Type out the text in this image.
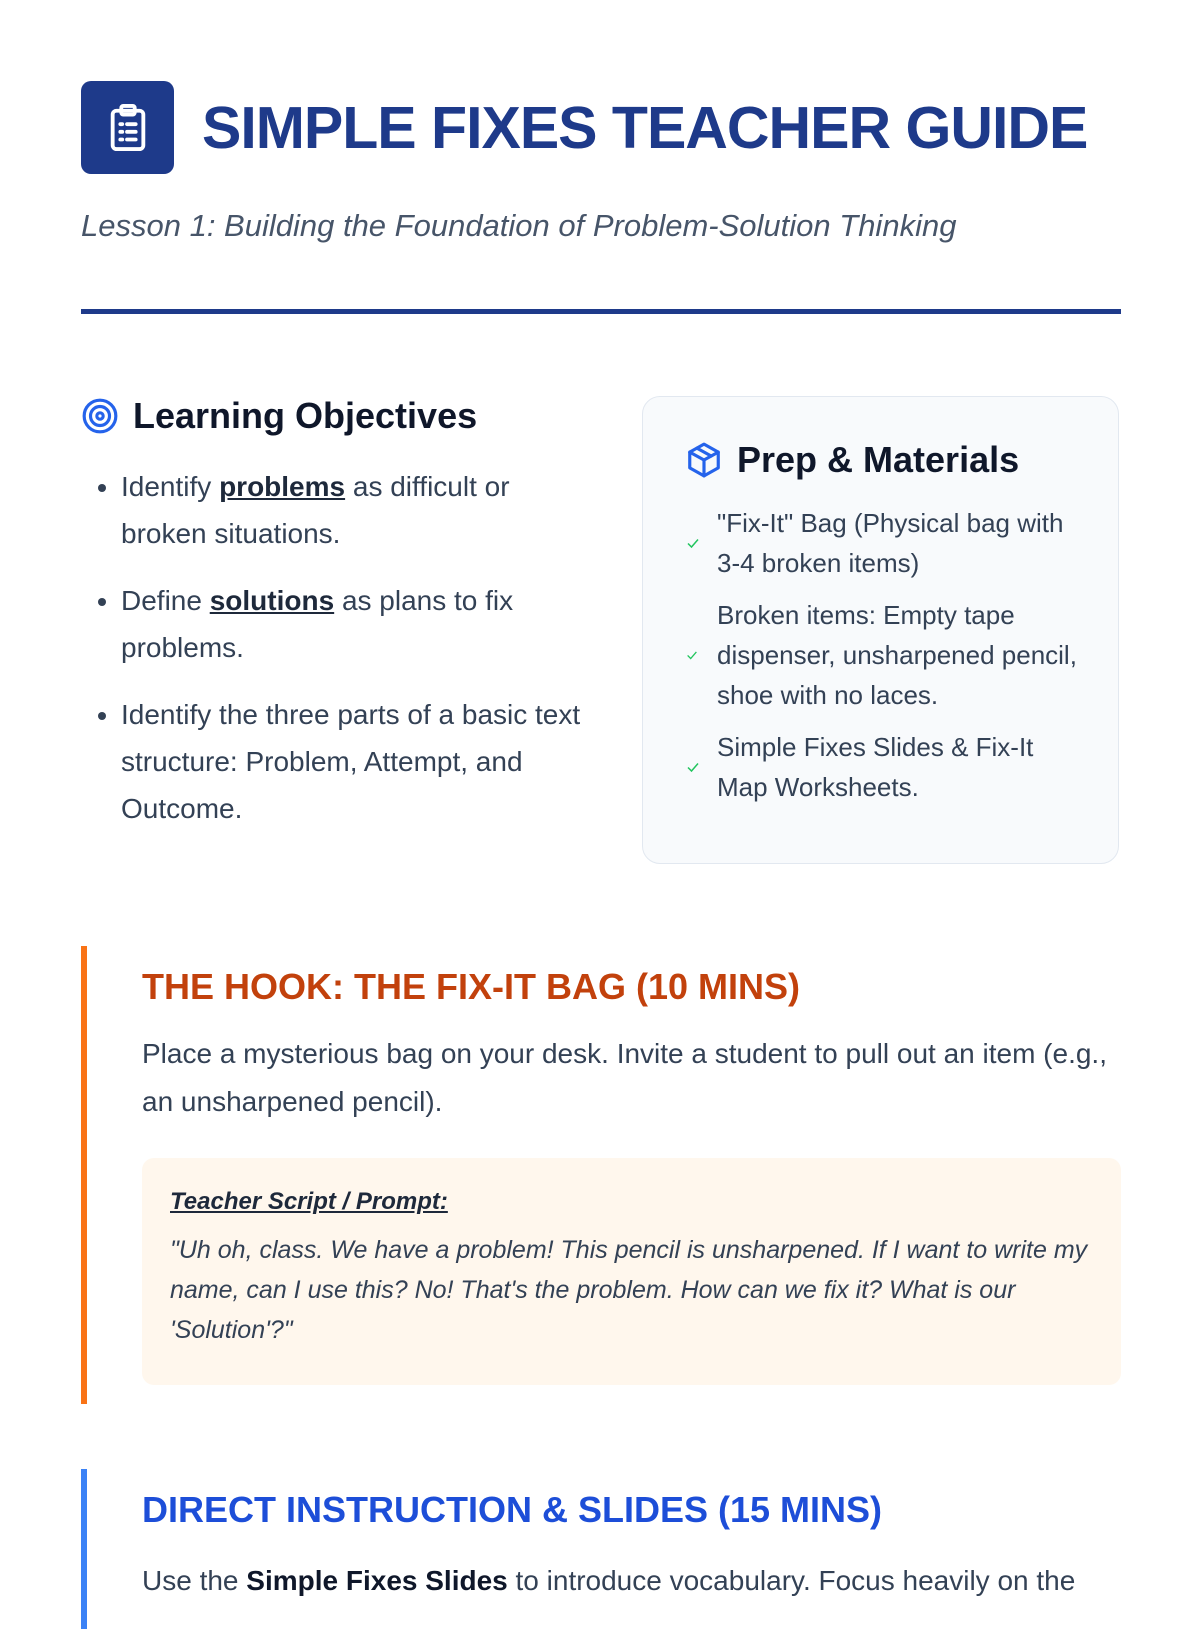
SIMPLE FIXES TEACHER GUIDE
Lesson 1: Building the Foundation of Problem-Solution Thinking
Learning Objectives
• Identify problems as difficult or broken situations.
• Define solutions as plans to fix problems.
• Identify the three parts of a basic text structure: Problem, Attempt, and Outcome.
Prep & Materials
"Fix-It" Bag (Physical bag with 3-4 broken items)
Broken items: Empty tape dispenser, unsharpened pencil, shoe with no laces.
Simple Fixes Slides & Fix-It Map Worksheets.
THE HOOK: THE FIX-IT BAG (10 MINS)

Place a mysterious bag on your desk. Invite a student to pull out an item (e.g., an unsharpened pencil).

Teacher Script / Prompt:
"Uh oh, class. We have a problem! This pencil is unsharpened. If I want to write my name, can I use this? No! That's the problem. How can we fix it? What is our 'Solution'?"
DIRECT INSTRUCTION & SLIDES (15 MINS)

Use the Simple Fixes Slides to introduce vocabulary. Focus heavily on the
